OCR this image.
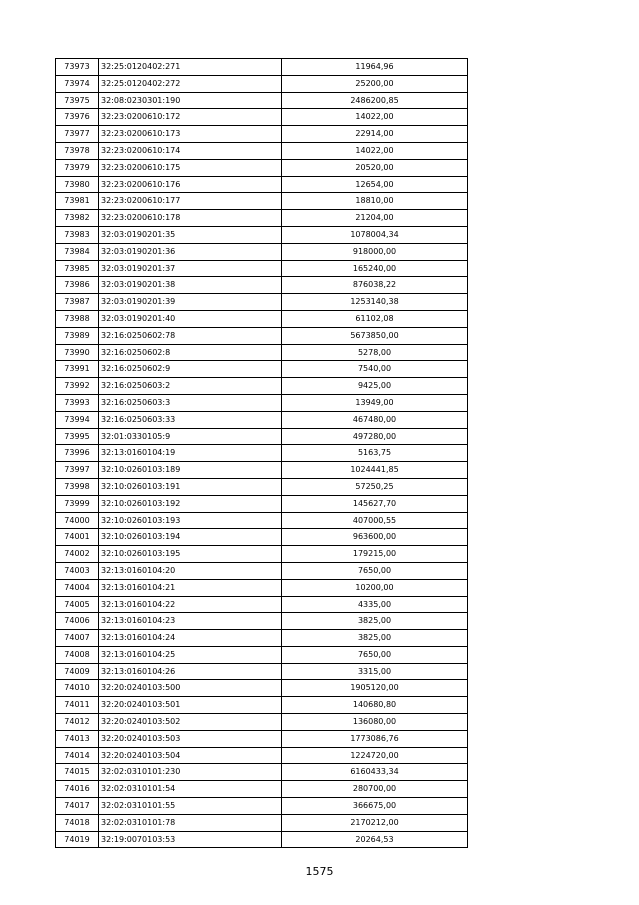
73973	32:25:0120402:271	11964,96
73974	32:25:0120402:272	25200,00
73975	32:08:0230301:190	2486200,85
73976	32:23:0200610:172	14022,00
73977	32:23:0200610:173	22914,00
73978	32:23:0200610:174	14022,00
73979	32:23:0200610:175	20520,00
73980	32:23:0200610:176	12654,00
73981	32:23:0200610:177	18810,00
73982	32:23:0200610:178	21204,00
73983	32:03:0190201:35	1078004,34
73984	32:03:0190201:36	918000,00
73985	32:03:0190201:37	165240,00
73986	32:03:0190201:38	876038,22
73987	32:03:0190201:39	1253140,38
73988	32:03:0190201:40	61102,08
73989	32:16:0250602:78	5673850,00
73990	32:16:0250602:8	5278,00
73991	32:16:0250602:9	7540,00
73992	32:16:0250603:2	9425,00
73993	32:16:0250603:3	13949,00
73994	32:16:0250603:33	467480,00
73995	32:01:0330105:9	497280,00
73996	32:13:0160104:19	5163,75
73997	32:10:0260103:189	1024441,85
73998	32:10:0260103:191	57250,25
73999	32:10:0260103:192	145627,70
74000	32:10:0260103:193	407000,55
74001	32:10:0260103:194	963600,00
74002	32:10:0260103:195	179215,00
74003	32:13:0160104:20	7650,00
74004	32:13:0160104:21	10200,00
74005	32:13:0160104:22	4335,00
74006	32:13:0160104:23	3825,00
74007	32:13:0160104:24	3825,00
74008	32:13:0160104:25	7650,00
74009	32:13:0160104:26	3315,00
74010	32:20:0240103:500	1905120,00
74011	32:20:0240103:501	140680,80
74012	32:20:0240103:502	136080,00
74013	32:20:0240103:503	1773086,76
74014	32:20:0240103:504	1224720,00
74015	32:02:0310101:230	6160433,34
74016	32:02:0310101:54	280700,00
74017	32:02:0310101:55	366675,00
74018	32:02:0310101:78	2170212,00
74019	32:19:0070103:53	20264,53
1575
